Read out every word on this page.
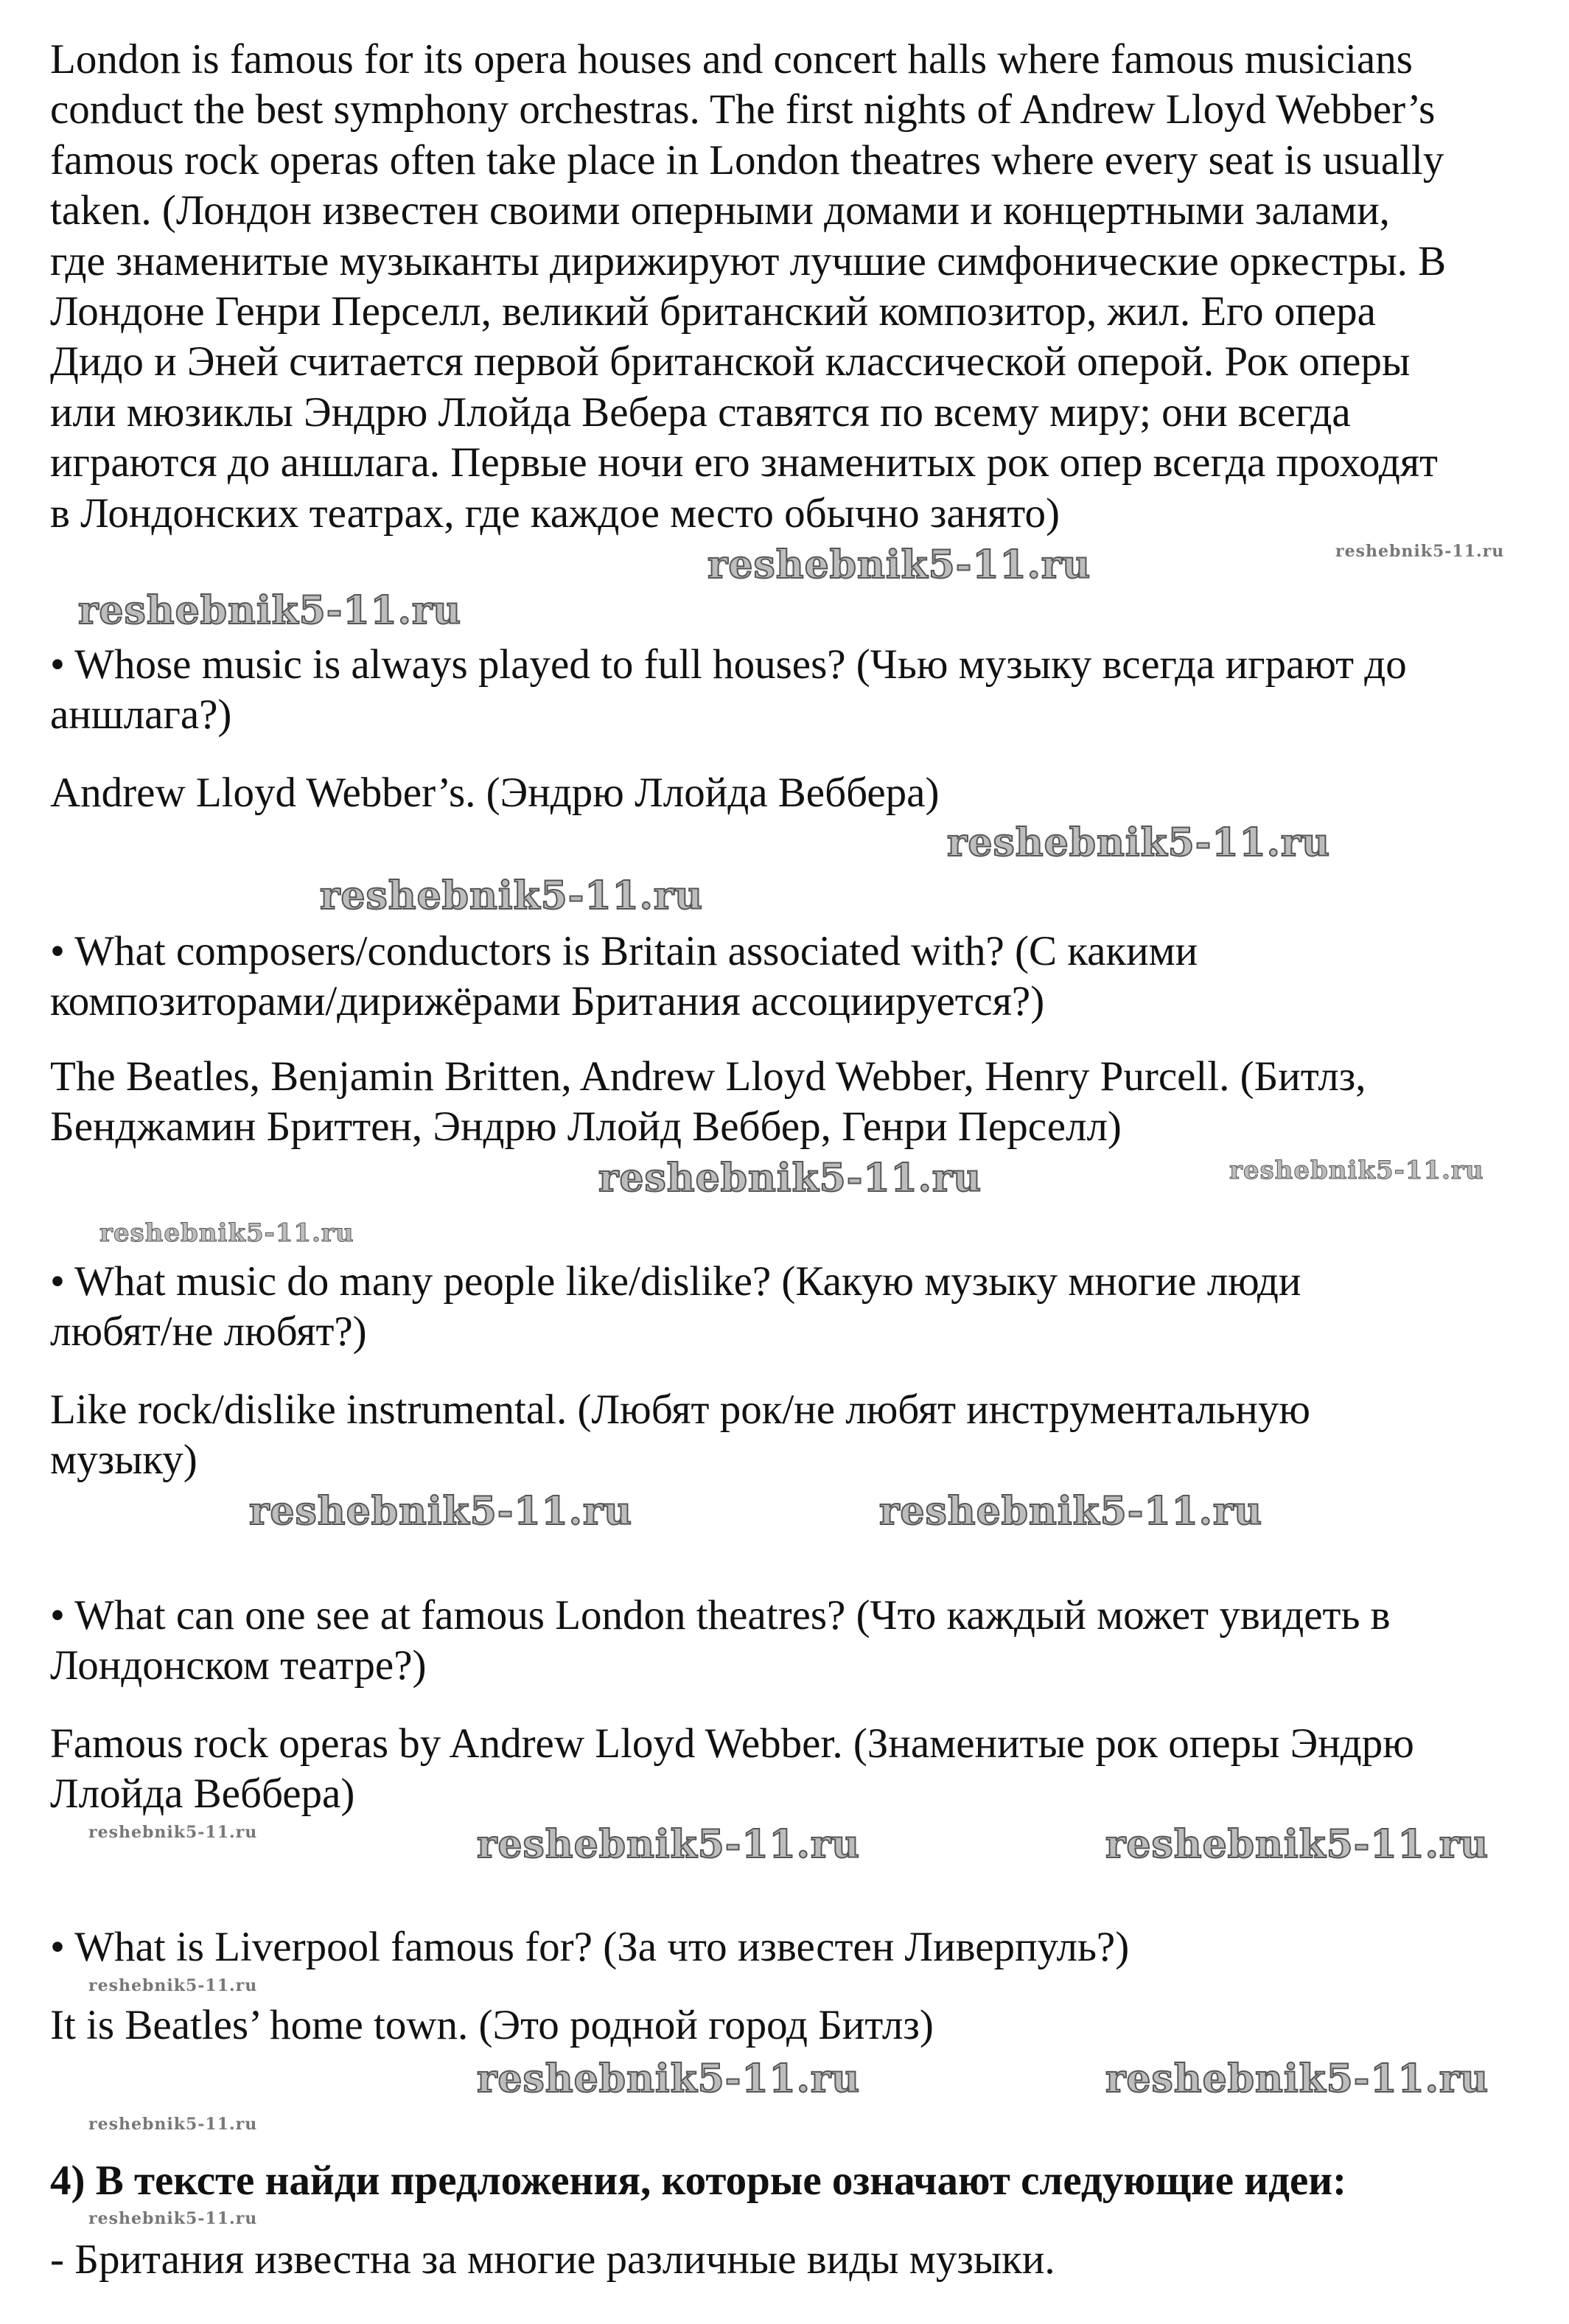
London is famous for its opera houses and concert halls where famous musicians
conduct the best symphony orchestras. The first nights of Andrew Lloyd Webber’s
famous rock operas often take place in London theatres where every seat is usually
taken. (Лондон известен своими оперными домами и концертными залами,
где знаменитые музыканты дирижируют лучшие симфонические оркестры. В
Лондоне Генри Перселл, великий британский композитор, жил. Его опера
Дидо и Эней считается первой британской классической оперой. Рок оперы
или мюзиклы Эндрю Ллойда Вебера ставятся по всему миру; они всегда
играются до аншлага. Первые ночи его знаменитых рок опер всегда проходят
в Лондонских театрах, где каждое место обычно занято)
• Whose music is always played to full houses? (Чью музыку всегда играют до
аншлага?)
Andrew Lloyd Webber’s. (Эндрю Ллойда Веббера)
• What composers/conductors is Britain associated with? (С какими
композиторами/дирижёрами Британия ассоциируется?)
The Beatles, Benjamin Britten, Andrew Lloyd Webber, Henry Purcell. (Битлз,
Бенджамин Бриттен, Эндрю Ллойд Веббер, Генри Перселл)
• What music do many people like/dislike? (Какую музыку многие люди
любят/не любят?)
Like rock/dislike instrumental. (Любят рок/не любят инструментальную
музыку)
• What can one see at famous London theatres? (Что каждый может увидеть в
Лондонском театре?)
Famous rock operas by Andrew Lloyd Webber. (Знаменитые рок оперы Эндрю
Ллойда Веббера)
• What is Liverpool famous for? (За что известен Ливерпуль?)
It is Beatles’ home town. (Это родной город Битлз)
4) В тексте найди предложения, которые означают следующие идеи:
- Британия известна за многие различные виды музыки.
reshebnik5-11.ru	reshebnik5-11.ru
reshebnik5-11.ru
reshebnik5-11.ru
reshebnik5-11.ru
reshebnik5-11.ru	reshebnik5-11.ru
reshebnik5-11.ru
reshebnik5-11.ru
reshebnik5-11.ru
reshebnik5-11.ru	reshebnik5-11.ru
reshebnik5-11.ru
reshebnik5-11.ru
reshebnik5-11.ru	reshebnik5-11.ru
reshebnik5-11.ru
reshebnik5-11.ru
